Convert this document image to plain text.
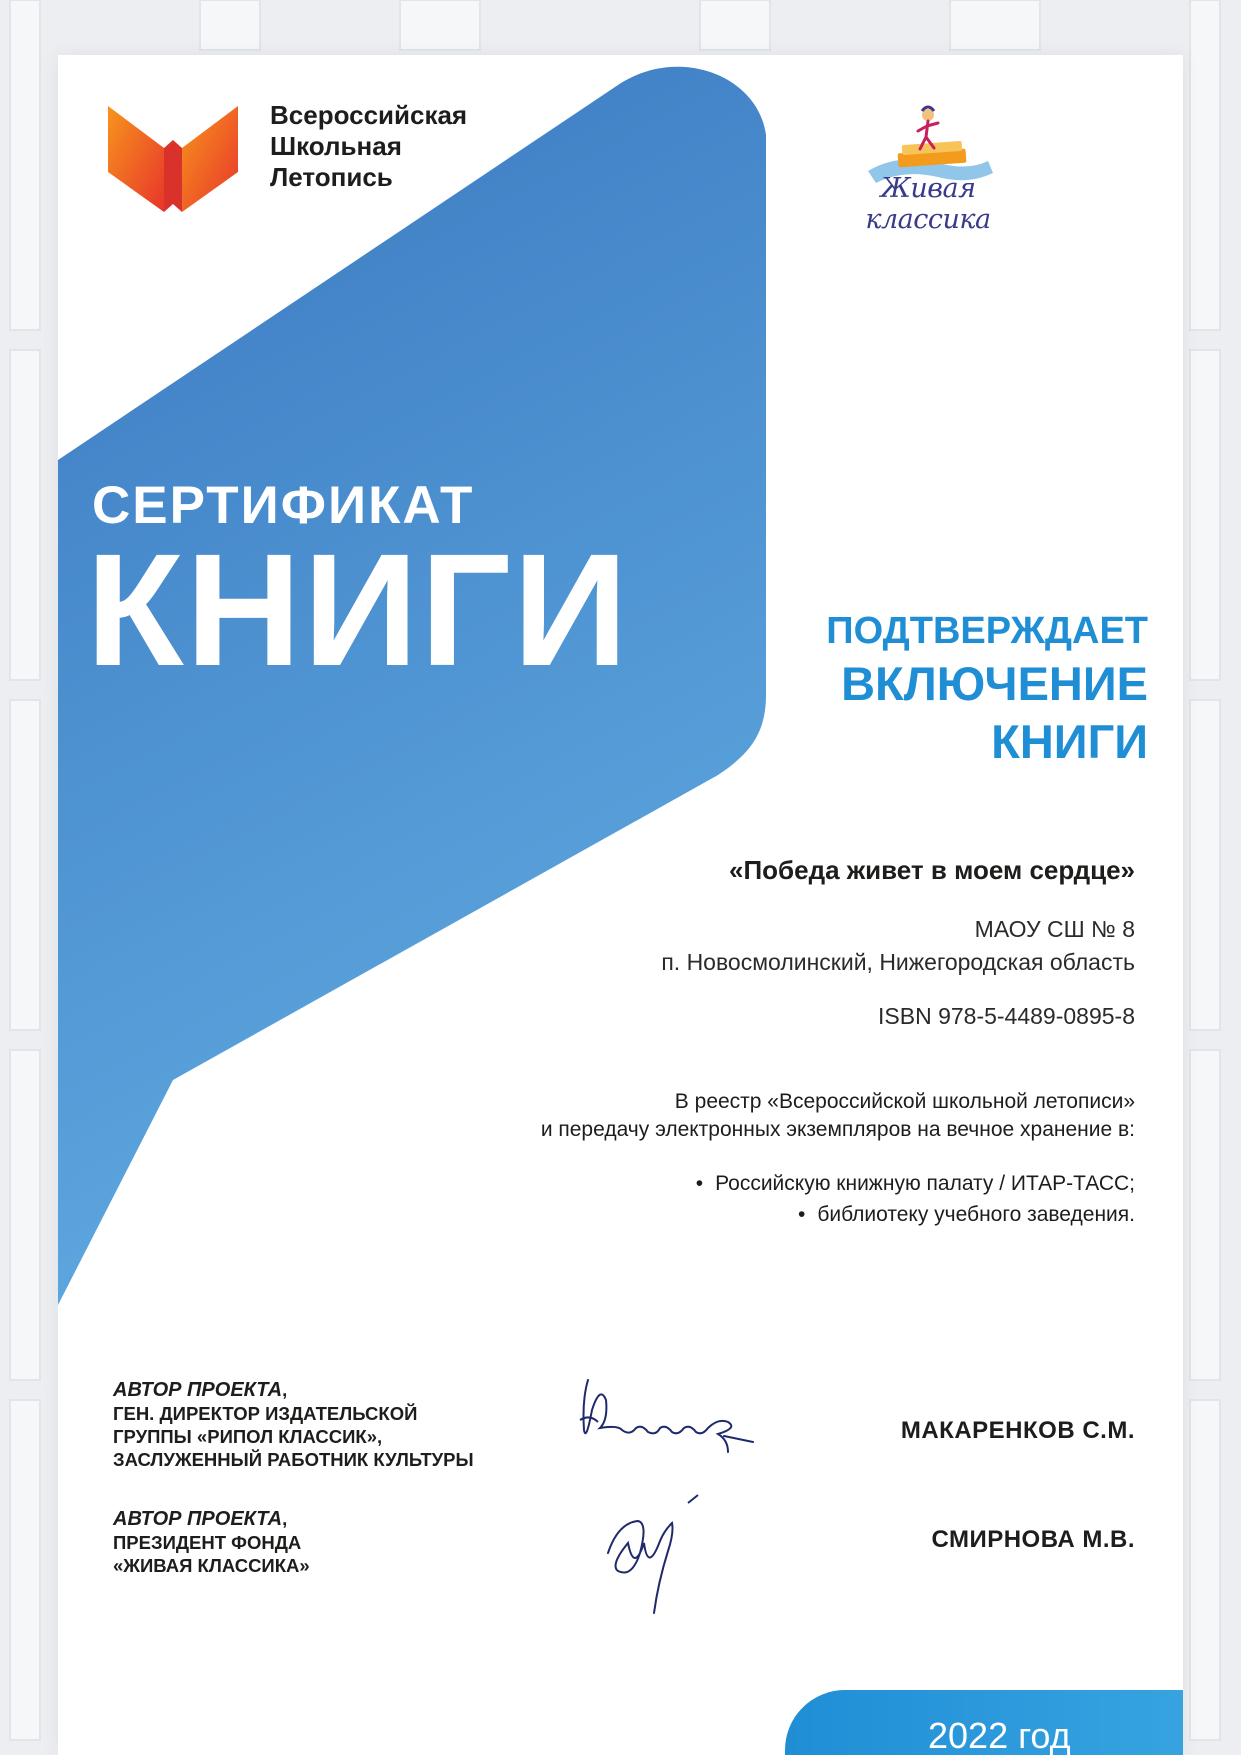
Всероссийская
Школьная
Летопись	Живая классика
СЕРТИФИКАТ
КНИГИ	ПОДТВЕРЖДАЕТ
ВКЛЮЧЕНИЕ
КНИГИ
«Победа живет в моем сердце»
МАОУ СШ № 8
п. Новосмолинский, Нижегородская область
ISBN 978-5-4489-0895-8
В реестр «Всероссийской школьной летописи»
и передачу электронных экземпляров на вечное хранение в:
• Российскую книжную палату / ИТАР-ТАСС;
• библиотеку учебного заведения.
АВТОР ПРОЕКТА,
ГЕН. ДИРЕКТОР ИЗДАТЕЛЬСКОЙ
ГРУППЫ «РИПОЛ КЛАССИК»,
ЗАСЛУЖЕННЫЙ РАБОТНИК КУЛЬТУРЫ
АВТОР ПРОЕКТА,
ПРЕЗИДЕНТ ФОНДА
«ЖИВАЯ КЛАССИКА»
МАКАРЕНКОВ С.М.
СМИРНОВА М.В.
2022 год
